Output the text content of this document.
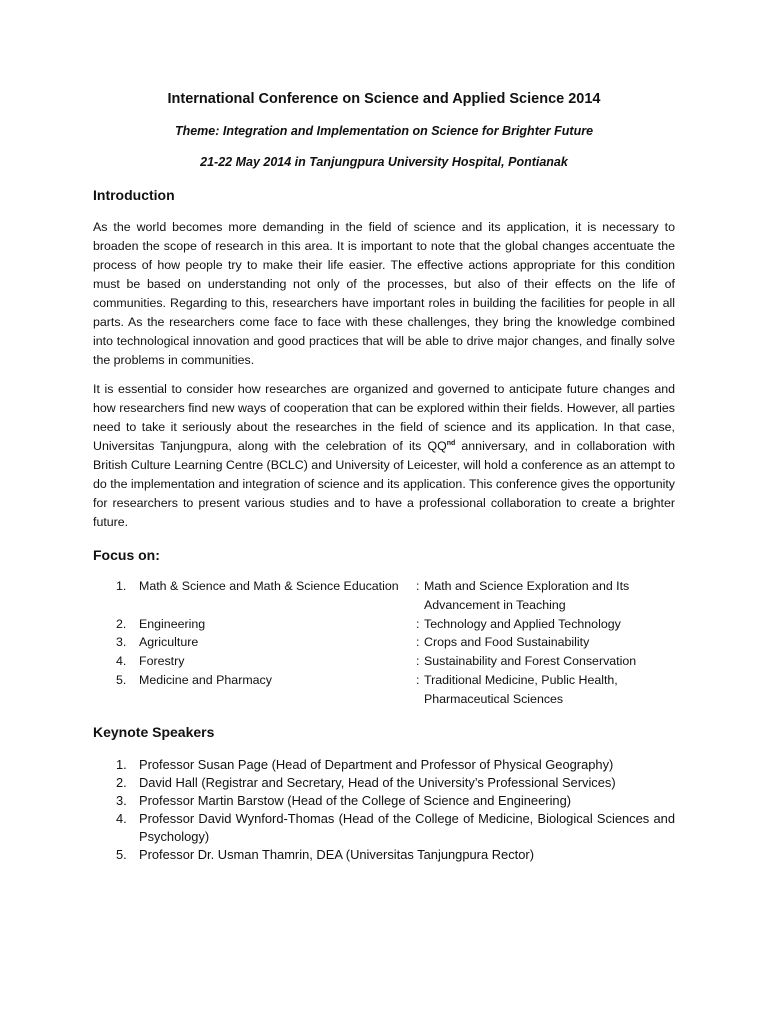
International Conference on Science and Applied Science 2014
Theme: Integration and Implementation on Science for Brighter Future
21-22 May 2014 in Tanjungpura University Hospital, Pontianak
Introduction

As the world becomes more demanding in the field of science and its application, it is necessary to broaden the scope of research in this area. It is important to note that the global changes accentuate the process of how people try to make their life easier. The effective actions appropriate for this condition must be based on understanding not only of the processes, but also of their effects on the life of communities. Regarding to this, researchers have important roles in building the facilities for people in all parts. As the researchers come face to face with these challenges, they bring the knowledge combined into technological innovation and good practices that will be able to drive major changes, and finally solve the problems in communities.

It is essential to consider how researches are organized and governed to anticipate future changes and how researchers find new ways of cooperation that can be explored within their fields. However, all parties need to take it seriously about the researches in the field of science and its application. In that case, Universitas Tanjungpura, along with the celebration of its $QQ^{nd}$ anniversary, and in collaboration with British Culture Learning Centre (BCLC) and University of Leicester, will hold a conference as an attempt to do the implementation and integration of science and its application. This conference gives the opportunity for researchers to present various studies and to have a professional collaboration to create a brighter future.

Focus on:
1.	Math & Science and Math & Science Education : Math and Science Exploration and Its
Advancement in Teaching
2.	Engineering	: Technology and Applied Technology
3.	Agriculture	: Crops and Food Sustainability
4.	Forestry	: Sustainability and Forest Conservation
5.	Medicine and Pharmacy	: Traditional Medicine, Public Health,
Pharmaceutical Sciences
Keynote Speakers
1. Professor Susan Page (Head of Department and Professor of Physical Geography)
2. David Hall (Registrar and Secretary, Head of the University’s Professional Services)
3. Professor Martin Barstow (Head of the College of Science and Engineering)
4. Professor David Wynford-Thomas (Head of the College of Medicine, Biological Sciences and Psychology)
5. Professor Dr. Usman Thamrin, DEA (Universitas Tanjungpura Rector)
